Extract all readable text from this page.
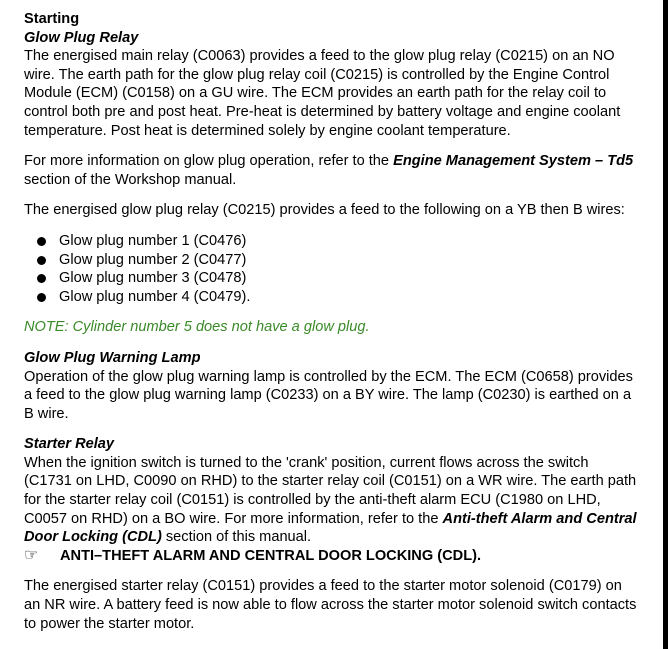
Starting
Glow Plug Relay

The energised main relay (C0063) provides a feed to the glow plug relay (C0215) on an NO wire. The earth path for the glow plug relay coil (C0215) is controlled by the Engine Control Module (ECM) (C0158) on a GU wire. The ECM provides an earth path for the relay coil to control both pre and post heat. Pre-heat is determined by battery voltage and engine coolant temperature. Post heat is determined solely by engine coolant temperature.

For more information on glow plug operation, refer to the Engine Management System – Td5 section of the Workshop manual.

The energised glow plug relay (C0215) provides a feed to the following on a YB then B wires:

Glow plug number 1 (C0476)
Glow plug number 2 (C0477)
Glow plug number 3 (C0478)
Glow plug number 4 (C0479).

NOTE: Cylinder number 5 does not have a glow plug.

Glow Plug Warning Lamp

Operation of the glow plug warning lamp is controlled by the ECM. The ECM (C0658) provides a feed to the glow plug warning lamp (C0233) on a BY wire. The lamp (C0230) is earthed on a B wire.

Starter Relay
When the ignition switch is turned to the 'crank' position, current flows across the switch (C1731 on LHD, C0090 on RHD) to the starter relay coil (C0151) on a WR wire. The earth path for the starter relay coil (C0151) is controlled by the anti-theft alarm ECU (C1980 on LHD, C0057 on RHD) on a BO wire. For more information, refer to the Anti-theft Alarm and Central Door Locking (CDL) section of this manual.
☞	ANTI–THEFT ALARM AND CENTRAL DOOR LOCKING (CDL).

The energised starter relay (C0151) provides a feed to the starter motor solenoid (C0179) on an NR wire. A battery feed is now able to flow across the starter motor solenoid switch contacts to power the starter motor.
